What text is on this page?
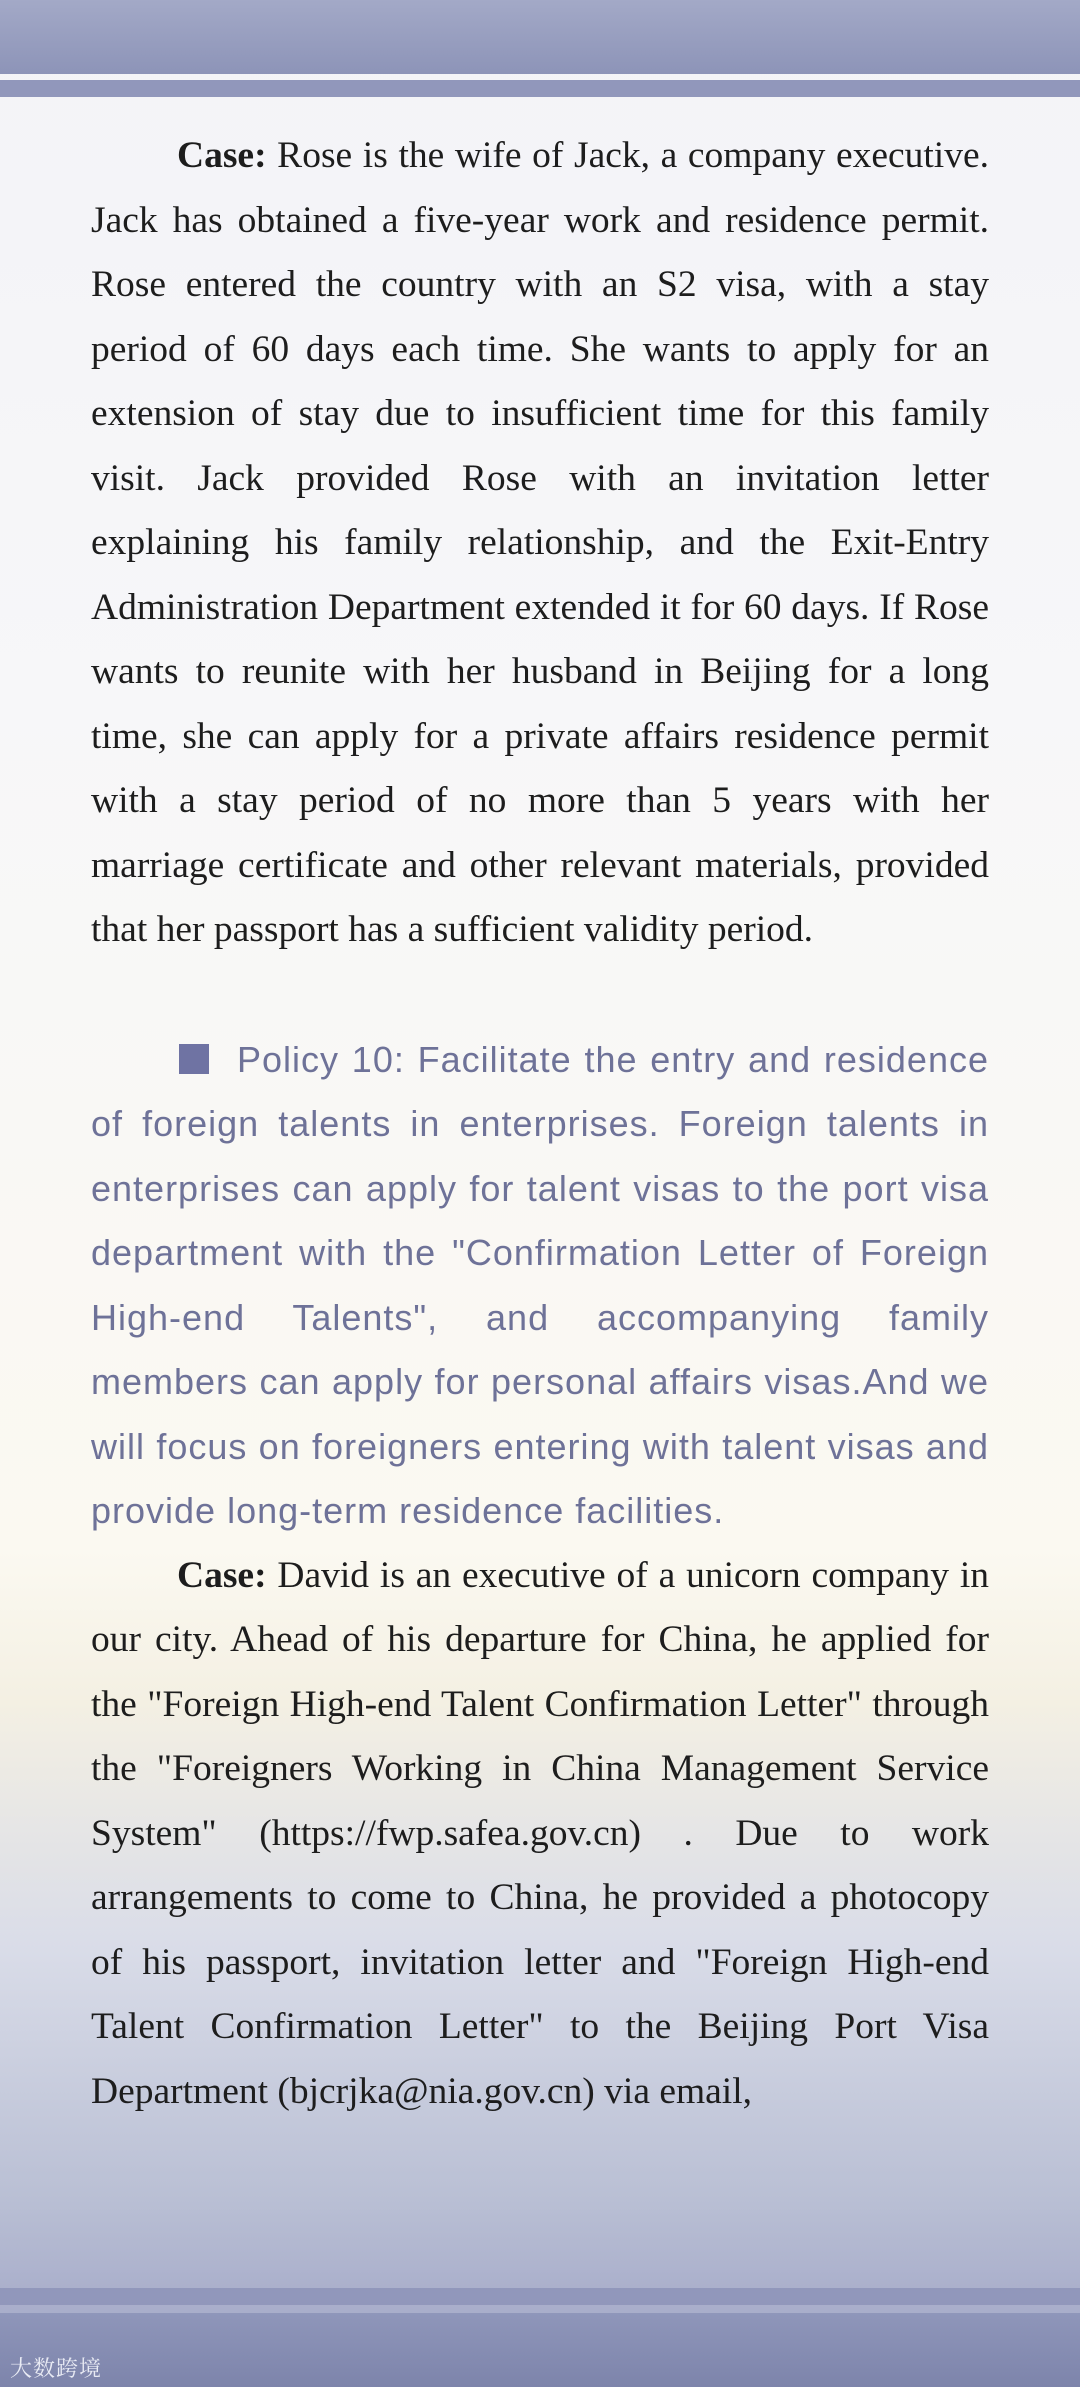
Case: Rose is the wife of Jack, a company executive. Jack has obtained a five-year work and residence permit. Rose entered the country with an S2 visa, with a stay period of 60 days each time. She wants to apply for an extension of stay due to insufficient time for this family visit. Jack provided Rose with an invitation letter explaining his family relationship, and the Exit-Entry Administration Department extended it for 60 days. If Rose wants to reunite with her husband in Beijing for a long time, she can apply for a private affairs residence permit with a stay period of no more than 5 years with her marriage certificate and other relevant materials, provided that her passport has a sufficient validity period.

Policy 10: Facilitate the entry and residence of foreign talents in enterprises. Foreign talents in enterprises can apply for talent visas to the port visa department with the "Confirmation Letter of Foreign High-end Talents", and accompanying family members can apply for personal affairs visas.And we will focus on foreigners entering with talent visas and provide long-term residence facilities.

Case: David is an executive of a unicorn company in our city. Ahead of his departure for China, he applied for the "Foreign High-end Talent Confirmation Letter" through the "Foreigners Working in China Management Service System" (https://fwp.safea.gov.cn) . Due to work arrangements to come to China, he provided a photocopy of his passport, invitation letter and "Foreign High-end Talent Confirmation Letter" to the Beijing Port Visa Department (bjcrjka@nia.gov.cn) via email,

大数跨境
